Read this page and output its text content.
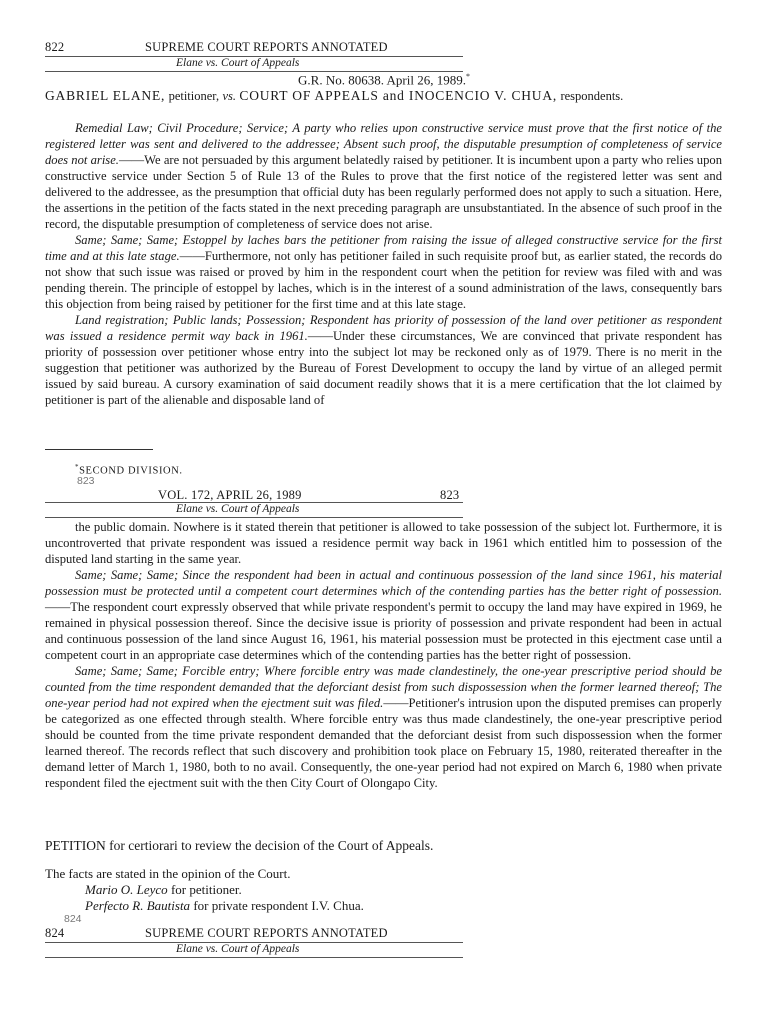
822	SUPREME COURT REPORTS ANNOTATED
Elane vs. Court of Appeals
G.R. No. 80638. April 26, 1989.*
GABRIEL ELANE, petitioner, vs. COURT OF APPEALS and INOCENCIO V. CHUA, respondents.

Remedial Law; Civil Procedure; Service; A party who relies upon constructive service must prove that the first notice of the registered letter was sent and delivered to the addressee; Absent such proof, the disputable presumption of completeness of service does not arise.——We are not persuaded by this argument belatedly raised by petitioner. It is incumbent upon a party who relies upon constructive service under Section 5 of Rule 13 of the Rules to prove that the first notice of the registered letter was sent and delivered to the addressee, as the presumption that official duty has been regularly performed does not apply to such a situation. Here, the assertions in the petition of the facts stated in the next preceding paragraph are unsubstantiated. In the absence of such proof in the record, the disputable presumption of completeness of service does not arise.

Same; Same; Same; Estoppel by laches bars the petitioner from raising the issue of alleged constructive service for the first time and at this late stage.——Furthermore, not only has petitioner failed in such requisite proof but, as earlier stated, the records do not show that such issue was raised or proved by him in the respondent court when the petition for review was filed with and was pending therein. The principle of estoppel by laches, which is in the interest of a sound administration of the laws, consequently bars this objection from being raised by petitioner for the first time and at this late stage.

Land registration; Public lands; Possession; Respondent has priority of possession of the land over petitioner as respondent was issued a residence permit way back in 1961.——Under these circumstances, We are convinced that private respondent has priority of possession over petitioner whose entry into the subject lot may be reckoned only as of 1979. There is no merit in the suggestion that petitioner was authorized by the Bureau of Forest Development to occupy the land by virtue of an alleged permit issued by said bureau. A cursory examination of said document readily shows that it is a mere certification that the lot claimed by petitioner is part of the alienable and disposable land of

*SECOND DIVISION.
823
VOL. 172, APRIL 26, 1989	823
Elane vs. Court of Appeals

the public domain. Nowhere is it stated therein that petitioner is allowed to take possession of the subject lot. Furthermore, it is uncontroverted that private respondent was issued a residence permit way back in 1961 which entitled him to possession of the disputed land starting in the same year.

Same; Same; Same; Since the respondent had been in actual and continuous possession of the land since 1961, his material possession must be protected until a competent court determines which of the contending parties has the better right of possession.——The respondent court expressly observed that while private respondent's permit to occupy the land may have expired in 1969, he remained in physical possession thereof. Since the decisive issue is priority of possession and private respondent had been in actual and continuous possession of the land since August 16, 1961, his material possession must be protected in this ejectment case until a competent court in an appropriate case determines which of the contending parties has the better right of possession.

Same; Same; Same; Forcible entry; Where forcible entry was made clandestinely, the one-year prescriptive period should be counted from the time respondent demanded that the deforciant desist from such dispossession when the former learned thereof; The one-year period had not expired when the ejectment suit was filed.——Petitioner's intrusion upon the disputed premises can properly be categorized as one effected through stealth. Where forcible entry was thus made clandestinely, the one-year prescriptive period should be counted from the time private respondent demanded that the deforciant desist from such dispossession when the former learned thereof. The records reflect that such discovery and prohibition took place on February 15, 1980, reiterated thereafter in the demand letter of March 1, 1980, both to no avail. Consequently, the one-year period had not expired on March 6, 1980 when private respondent filed the ejectment suit with the then City Court of Olongapo City.

PETITION for certiorari to review the decision of the Court of Appeals.

The facts are stated in the opinion of the Court.

Mario O. Leyco for petitioner.

Perfecto R. Bautista for private respondent I.V. Chua.

824
824	SUPREME COURT REPORTS ANNOTATED
Elane vs. Court of Appeals
